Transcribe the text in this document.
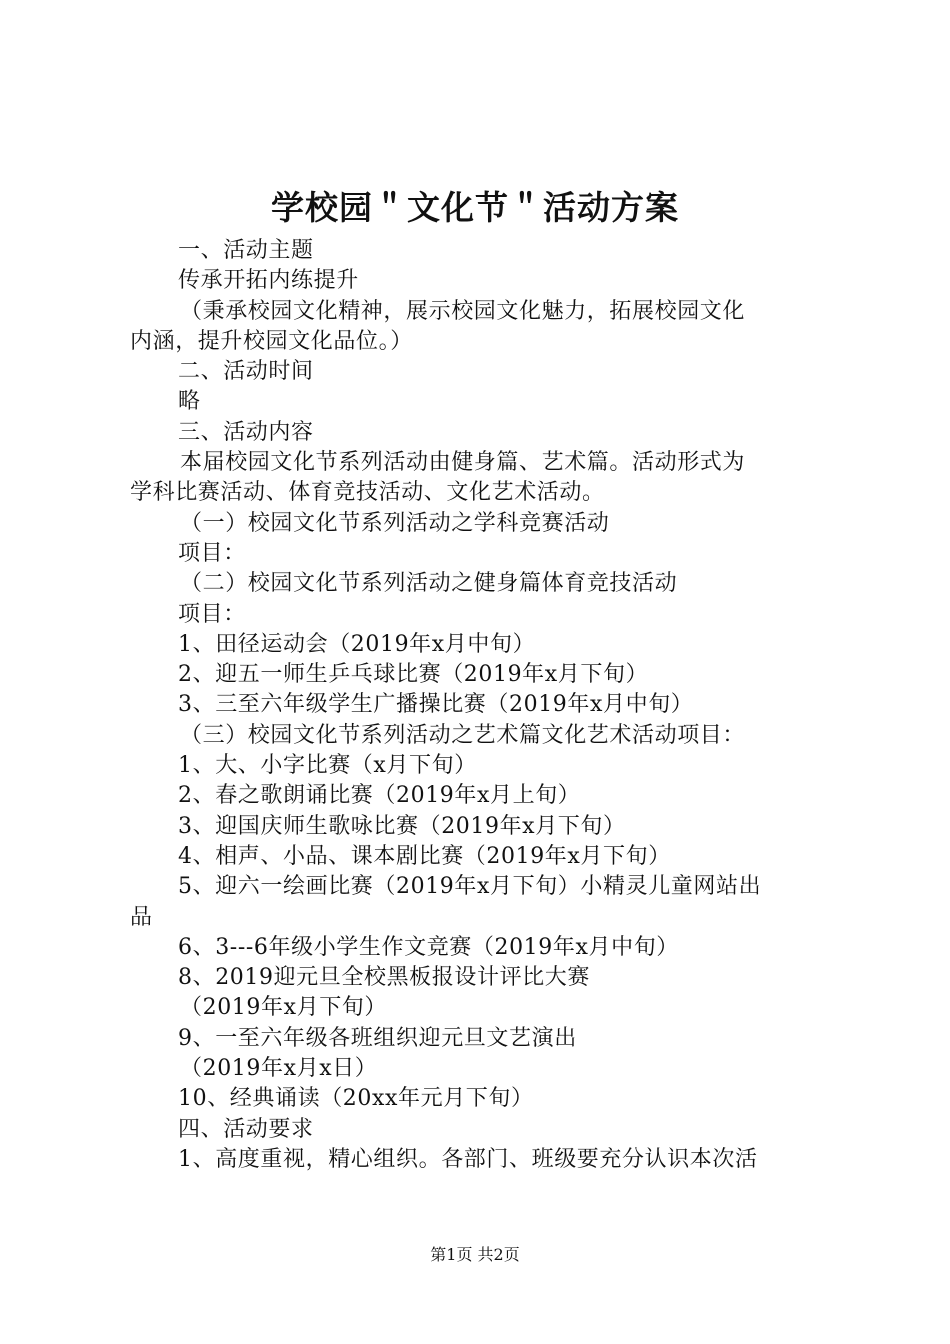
学校园＂文化节＂活动方案
一、活动主题
传承开拓内练提升
（秉承校园文化精神，展示校园文化魅力，拓展校园文化
内涵，提升校园文化品位。）
二、活动时间
略
三、活动内容
本届校园文化节系列活动由健身篇、艺术篇。活动形式为
学科比赛活动、体育竞技活动、文化艺术活动。
（一）校园文化节系列活动之学科竞赛活动
项目：
（二）校园文化节系列活动之健身篇体育竞技活动
项目：
1、田径运动会（2019年x月中旬）
2、迎五一师生乒乓球比赛（2019年x月下旬）
3、三至六年级学生广播操比赛（2019年x月中旬）
（三）校园文化节系列活动之艺术篇文化艺术活动项目：
1、大、小字比赛（x月下旬）
2、春之歌朗诵比赛（2019年x月上旬）
3、迎国庆师生歌咏比赛（2019年x月下旬）
4、相声、小品、课本剧比赛（2019年x月下旬）
5、迎六一绘画比赛（2019年x月下旬）小精灵儿童网站出
品
6、3---6年级小学生作文竞赛（2019年x月中旬）
8、2019迎元旦全校黑板报设计评比大赛
（2019年x月下旬）
9、一至六年级各班组织迎元旦文艺演出
（2019年x月x日）
10、经典诵读（20xx年元月下旬）
四、活动要求
1、高度重视，精心组织。各部门、班级要充分认识本次活
第1页 共2页
